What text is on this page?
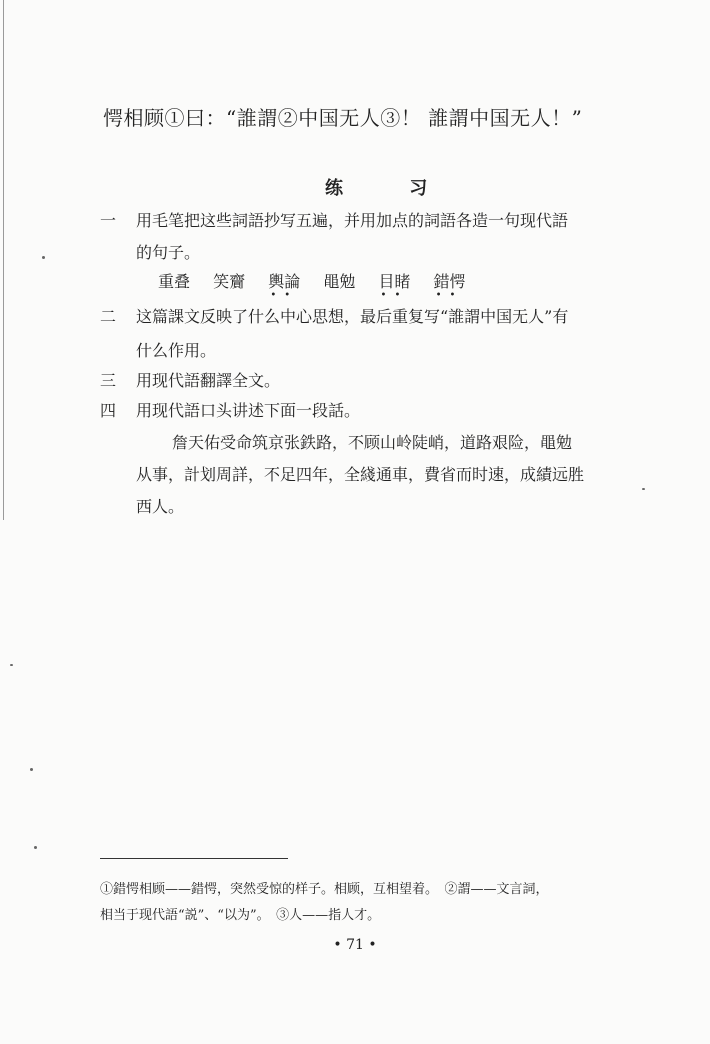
愕相顾①曰：“誰謂②中国无人③！ 誰謂中国无人！”
练 习
一 用毛笔把这些詞語抄写五遍，并用加点的詞語各造一句现代語
的句子。
重叠 笑齎 輿論
••
黽勉 目睹
••
錯愕
••
二 这篇課文反映了什么中心思想，最后重复写“誰謂中国无人”有
什么作用。
三 用现代語翻譯全文。
四 用现代語口头讲述下面一段話。
詹天佑受命筑京张鉄路，不顾山岭陡峭，道路艰险，黽勉
从事，計划周詳，不足四年，全綫通車，費省而时速，成績远胜
西人。
①錯愕相顾——錯愕，突然受惊的样子。相顾，互相望着。　②謂——文言詞，
相当于现代語“説”、“以为”。　③人——指人才。
• 71 •
